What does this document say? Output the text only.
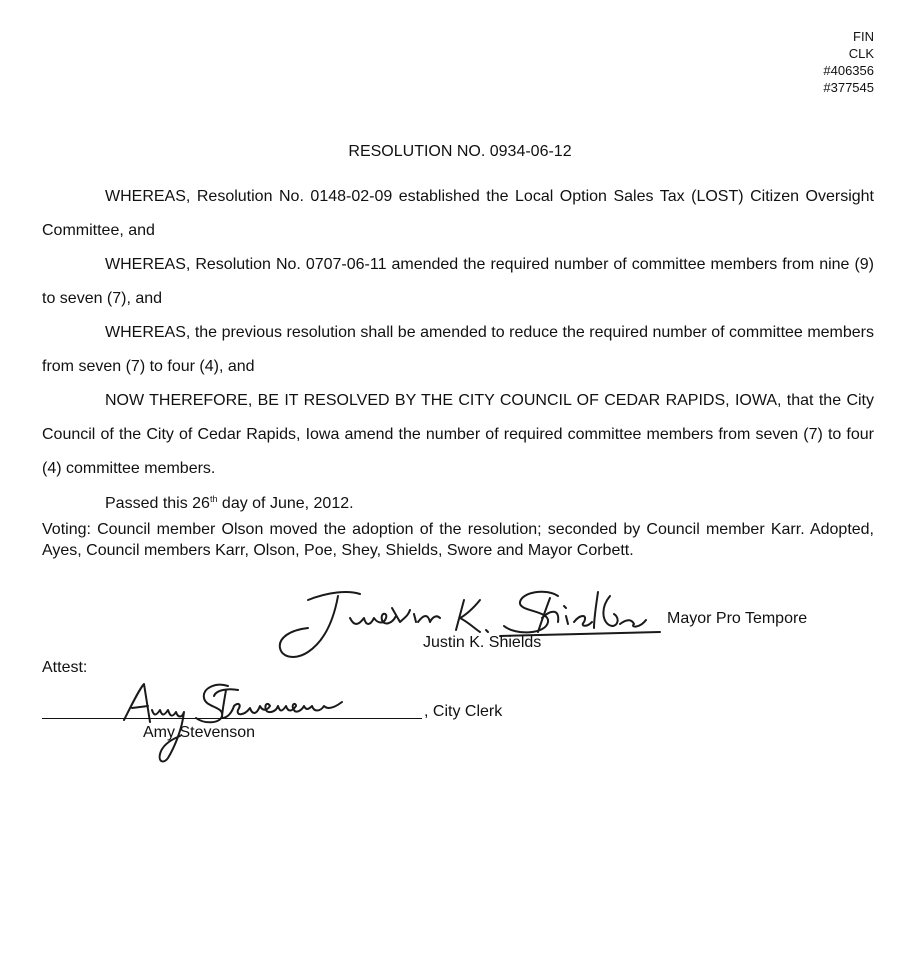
FIN
CLK
#406356
#377545
RESOLUTION NO. 0934-06-12

WHEREAS, Resolution No. 0148-02-09 established the Local Option Sales Tax (LOST) Citizen Oversight Committee, and

WHEREAS, Resolution No. 0707-06-11 amended the required number of committee members from nine (9) to seven (7), and

WHEREAS, the previous resolution shall be amended to reduce the required number of committee members from seven (7) to four (4), and

NOW THEREFORE, BE IT RESOLVED BY THE CITY COUNCIL OF CEDAR RAPIDS, IOWA, that the City Council of the City of Cedar Rapids, Iowa amend the number of required committee members from seven (7) to four (4) committee members.

Passed this 26th day of June, 2012.
Voting: Council member Olson moved the adoption of the resolution; seconded by Council member Karr. Adopted, Ayes, Council members Karr, Olson, Poe, Shey, Shields, Swore and Mayor Corbett.
Mayor Pro Tempore
Justin K. Shields
Attest:
, City Clerk
Amy Stevenson
